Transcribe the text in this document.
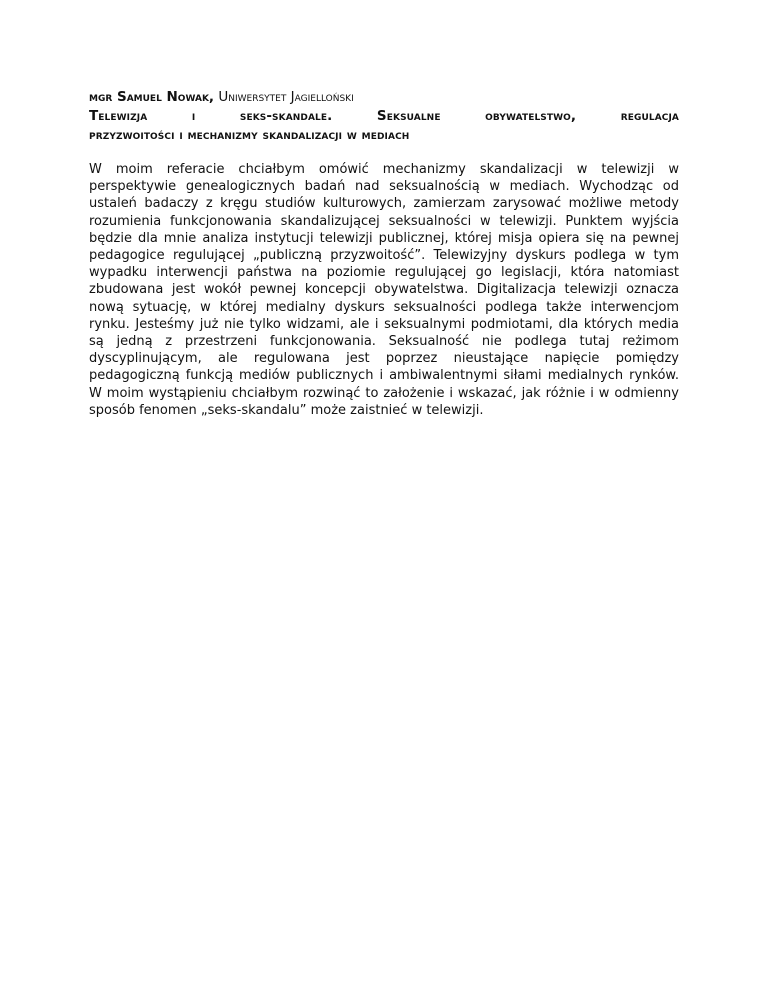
mgr Samuel Nowak, Uniwersytet Jagielloński
Telewizja i seks-skandale. Seksualne obywatelstwo, regulacja
przyzwoitości i mechanizmy skandalizacji w mediach

W moim referacie chciałbym omówić mechanizmy skandalizacji w telewizji w perspektywie genealogicznych badań nad seksualnością w mediach. Wychodząc od ustaleń badaczy z kręgu studiów kulturowych, zamierzam zarysować możliwe metody rozumienia funkcjonowania skandalizującej seksualności w telewizji. Punktem wyjścia będzie dla mnie analiza instytucji telewizji publicznej, której misja opiera się na pewnej pedagogice regulującej „publiczną przyzwoitość”. Telewizyjny dyskurs podlega w tym wypadku interwencji państwa na poziomie regulującej go legislacji, która natomiast zbudowana jest wokół pewnej koncepcji obywatelstwa. Digitalizacja telewizji oznacza nową sytuację, w której medialny dyskurs seksualności podlega także interwencjom rynku. Jesteśmy już nie tylko widzami, ale i seksualnymi podmiotami, dla których media są jedną z przestrzeni funkcjonowania. Seksualność nie podlega tutaj reżimom dyscyplinującym, ale regulowana jest poprzez nieustające napięcie pomiędzy pedagogiczną funkcją mediów publicznych i ambiwalentnymi siłami medialnych rynków. W moim wystąpieniu chciałbym rozwinąć to założenie i wskazać, jak różnie i w odmienny sposób fenomen „seks-skandalu” może zaistnieć w telewizji.
